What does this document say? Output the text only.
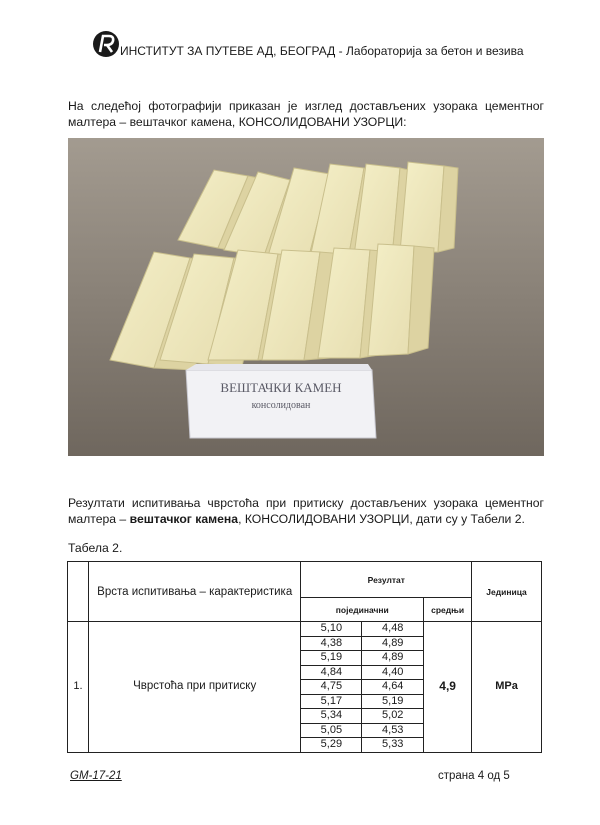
ИНСТИТУТ ЗА ПУТЕВЕ АД, БЕОГРАД - Лабораторија за бетон и везива
На следећој фотографији приказан је изглед достављених узорака цементног малтера – вештачког камена, КОНСОЛИДОВАНИ УЗОРЦИ:
ВЕШТАЧКИ КАМЕН
консолидован
Резултати испитивања чврстоћа при притиску достављених узорака цементног малтера – вештачког камена, КОНСОЛИДОВАНИ УЗОРЦИ, дати су у Табели 2.
Табела 2.
	Врста испитивања – карактеристика	Резултат			Јединица
		појединачни		средњи	
1.	Чврстоћа при притиску	5,10	4,48	4,9	MPa
		4,38	4,89		
		5,19	4,89		
		4,84	4,40		
		4,75	4,64		
		5,17	5,19		
		5,34	5,02		
		5,05	4,53		
		5,29	5,33		
GM-17-21	страна 4 од 5
